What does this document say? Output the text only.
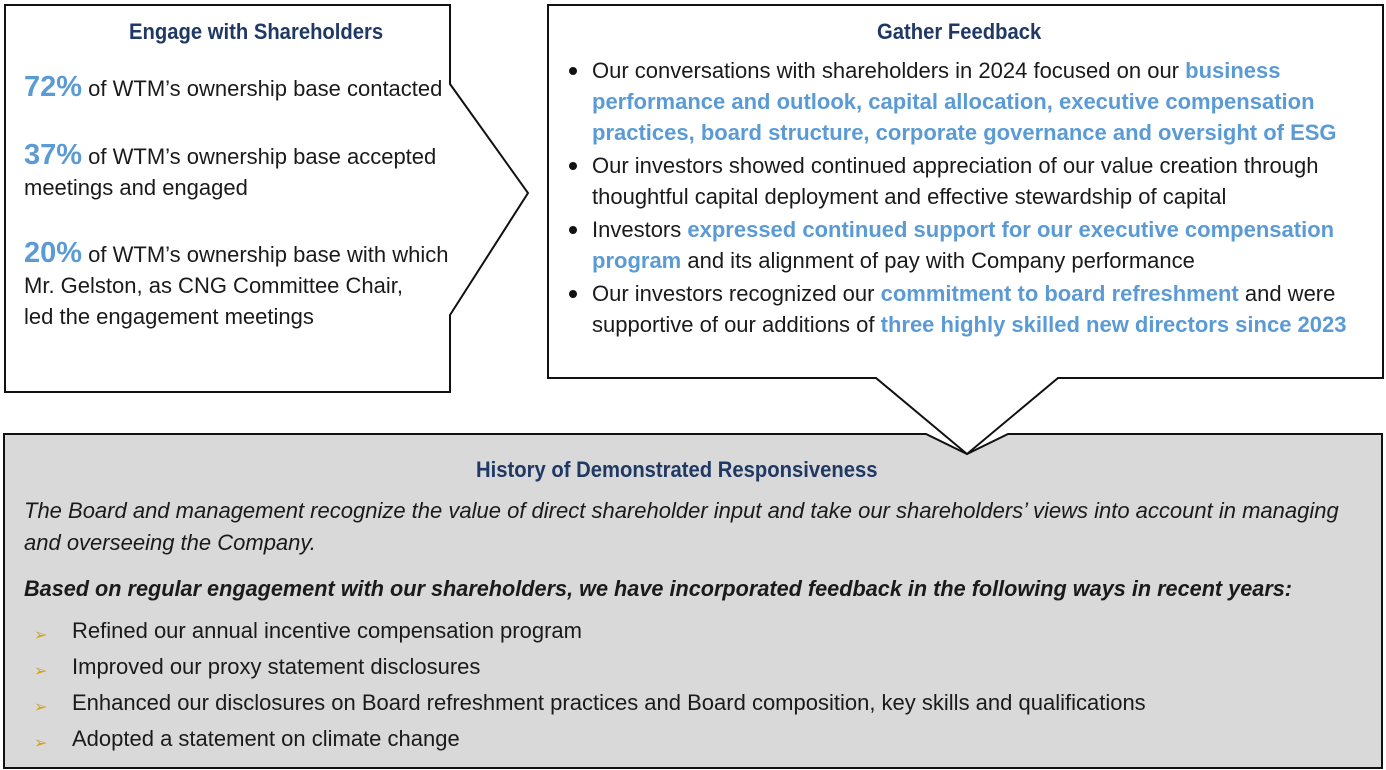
Engage with Shareholders
72% of WTM’s ownership base contacted
37% of WTM’s ownership base accepted
meetings and engaged
20% of WTM’s ownership base with which
Mr. Gelston, as CNG Committee Chair,
led the engagement meetings
Gather Feedback
Our conversations with shareholders in 2024 focused on our business
performance and outlook, capital allocation, executive compensation
practices, board structure, corporate governance and oversight of ESG
Our investors showed continued appreciation of our value creation through
thoughtful capital deployment and effective stewardship of capital
Investors expressed continued support for our executive compensation
program and its alignment of pay with Company performance
Our investors recognized our commitment to board refreshment and were
supportive of our additions of three highly skilled new directors since 2023
History of Demonstrated Responsiveness
The Board and management recognize the value of direct shareholder input and take our shareholders’ views into account in managing
and overseeing the Company.
Based on regular engagement with our shareholders, we have incorporated feedback in the following ways in recent years:
➢ Refined our annual incentive compensation program
➢ Improved our proxy statement disclosures
➢ Enhanced our disclosures on Board refreshment practices and Board composition, key skills and qualifications
➢ Adopted a statement on climate change
